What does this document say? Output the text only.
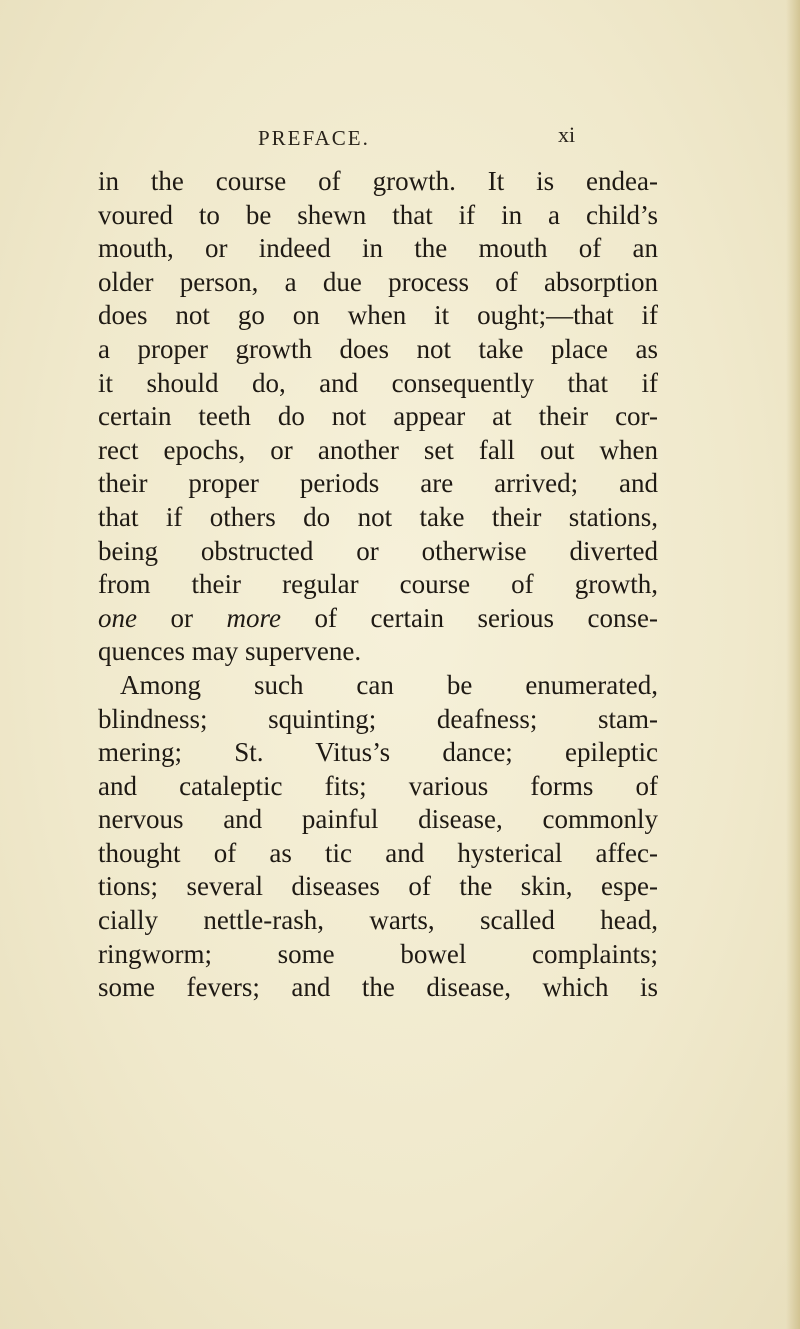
PREFACE.	xi
in the course of growth. It is endea-
voured to be shewn that if in a child’s
mouth, or indeed in the mouth of an
older person, a due process of absorption
does not go on when it ought;—that if
a proper growth does not take place as
it should do, and consequently that if
certain teeth do not appear at their cor-
rect epochs, or another set fall out when
their proper periods are arrived; and
that if others do not take their stations,
being obstructed or otherwise diverted
from their regular course of growth,
one or more of certain serious conse-
quences may supervene.
Among such can be enumerated,
blindness; squinting; deafness; stam-
mering; St. Vitus’s dance; epileptic
and cataleptic fits; various forms of
nervous and painful disease, commonly
thought of as tic and hysterical affec-
tions; several diseases of the skin, espe-
cially nettle-rash, warts, scalled head,
ringworm; some bowel complaints;
some fevers; and the disease, which is
